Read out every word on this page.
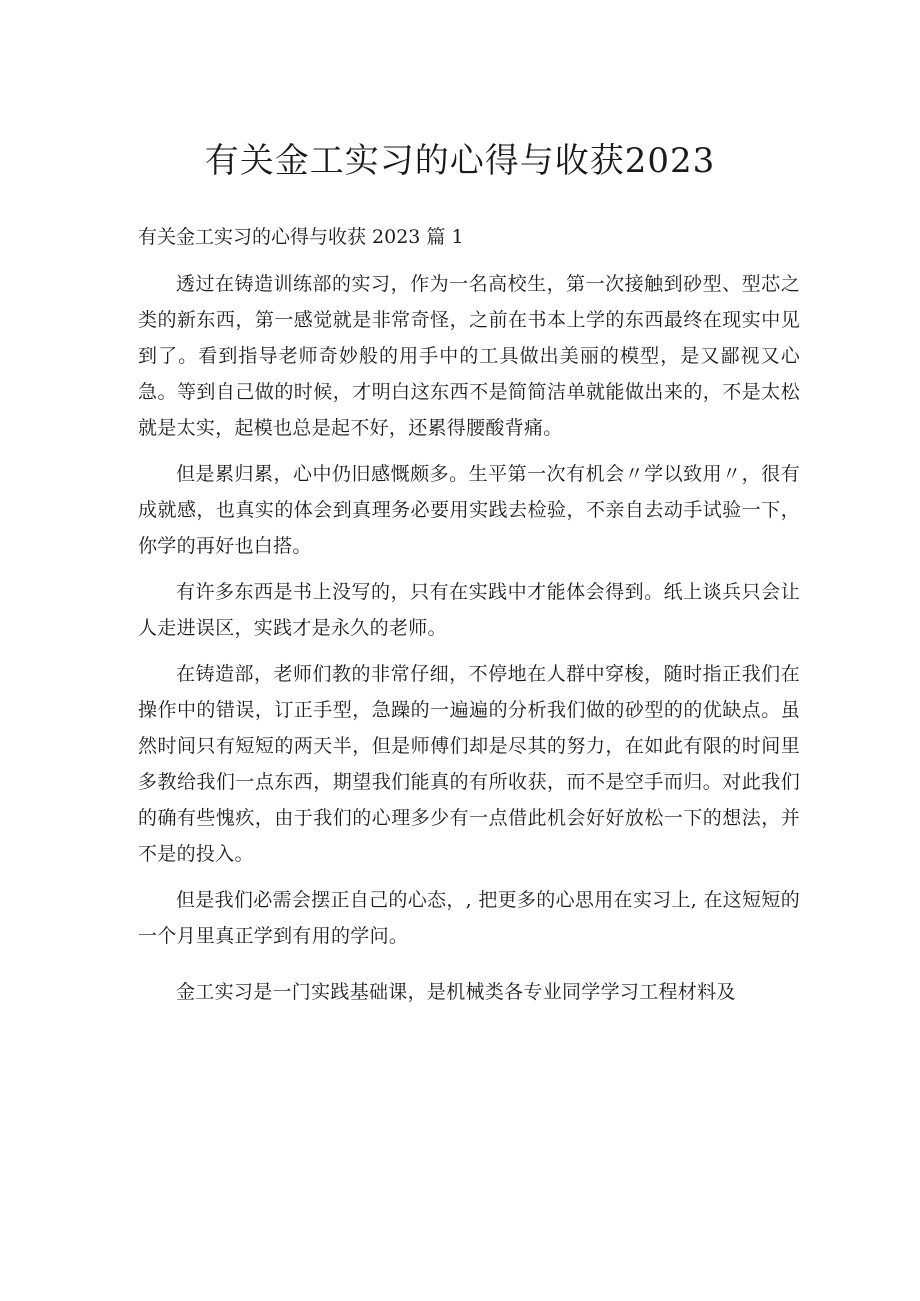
有关金工实习的心得与收获2023

有关金工实习的心得与收获 2023 篇 1

透过在铸造训练部的实习，作为一名高校生，第一次接触到砂型、型芯之类的新东西，第一感觉就是非常奇怪，之前在书本上学的东西最终在现实中见到了。看到指导老师奇妙般的用手中的工具做出美丽的模型，是又鄙视又心急。等到自己做的时候，才明白这东西不是简简洁单就能做出来的，不是太松就是太实，起模也总是起不好，还累得腰酸背痛。

但是累归累，心中仍旧感慨颇多。生平第一次有机会〃学以致用〃，很有成就感，也真实的体会到真理务必要用实践去检验，不亲自去动手试验一下，你学的再好也白搭。

有许多东西是书上没写的，只有在实践中才能体会得到。纸上谈兵只会让人走进误区，实践才是永久的老师。

在铸造部，老师们教的非常仔细，不停地在人群中穿梭，随时指正我们在操作中的错误，订正手型，急躁的一遍遍的分析我们做的砂型的的优缺点。虽然时间只有短短的两天半，但是师傅们却是尽其的努力，在如此有限的时间里多教给我们一点东西，期望我们能真的有所收获，而不是空手而归。对此我们的确有些愧疚，由于我们的心理多少有一点借此机会好好放松一下的想法，并不是的投入。

但是我们必需会摆正自己的心态，, 把更多的心思用在实习上, 在这短短的一个月里真正学到有用的学问。

金工实习是一门实践基础课，是机械类各专业同学学习工程材料及
